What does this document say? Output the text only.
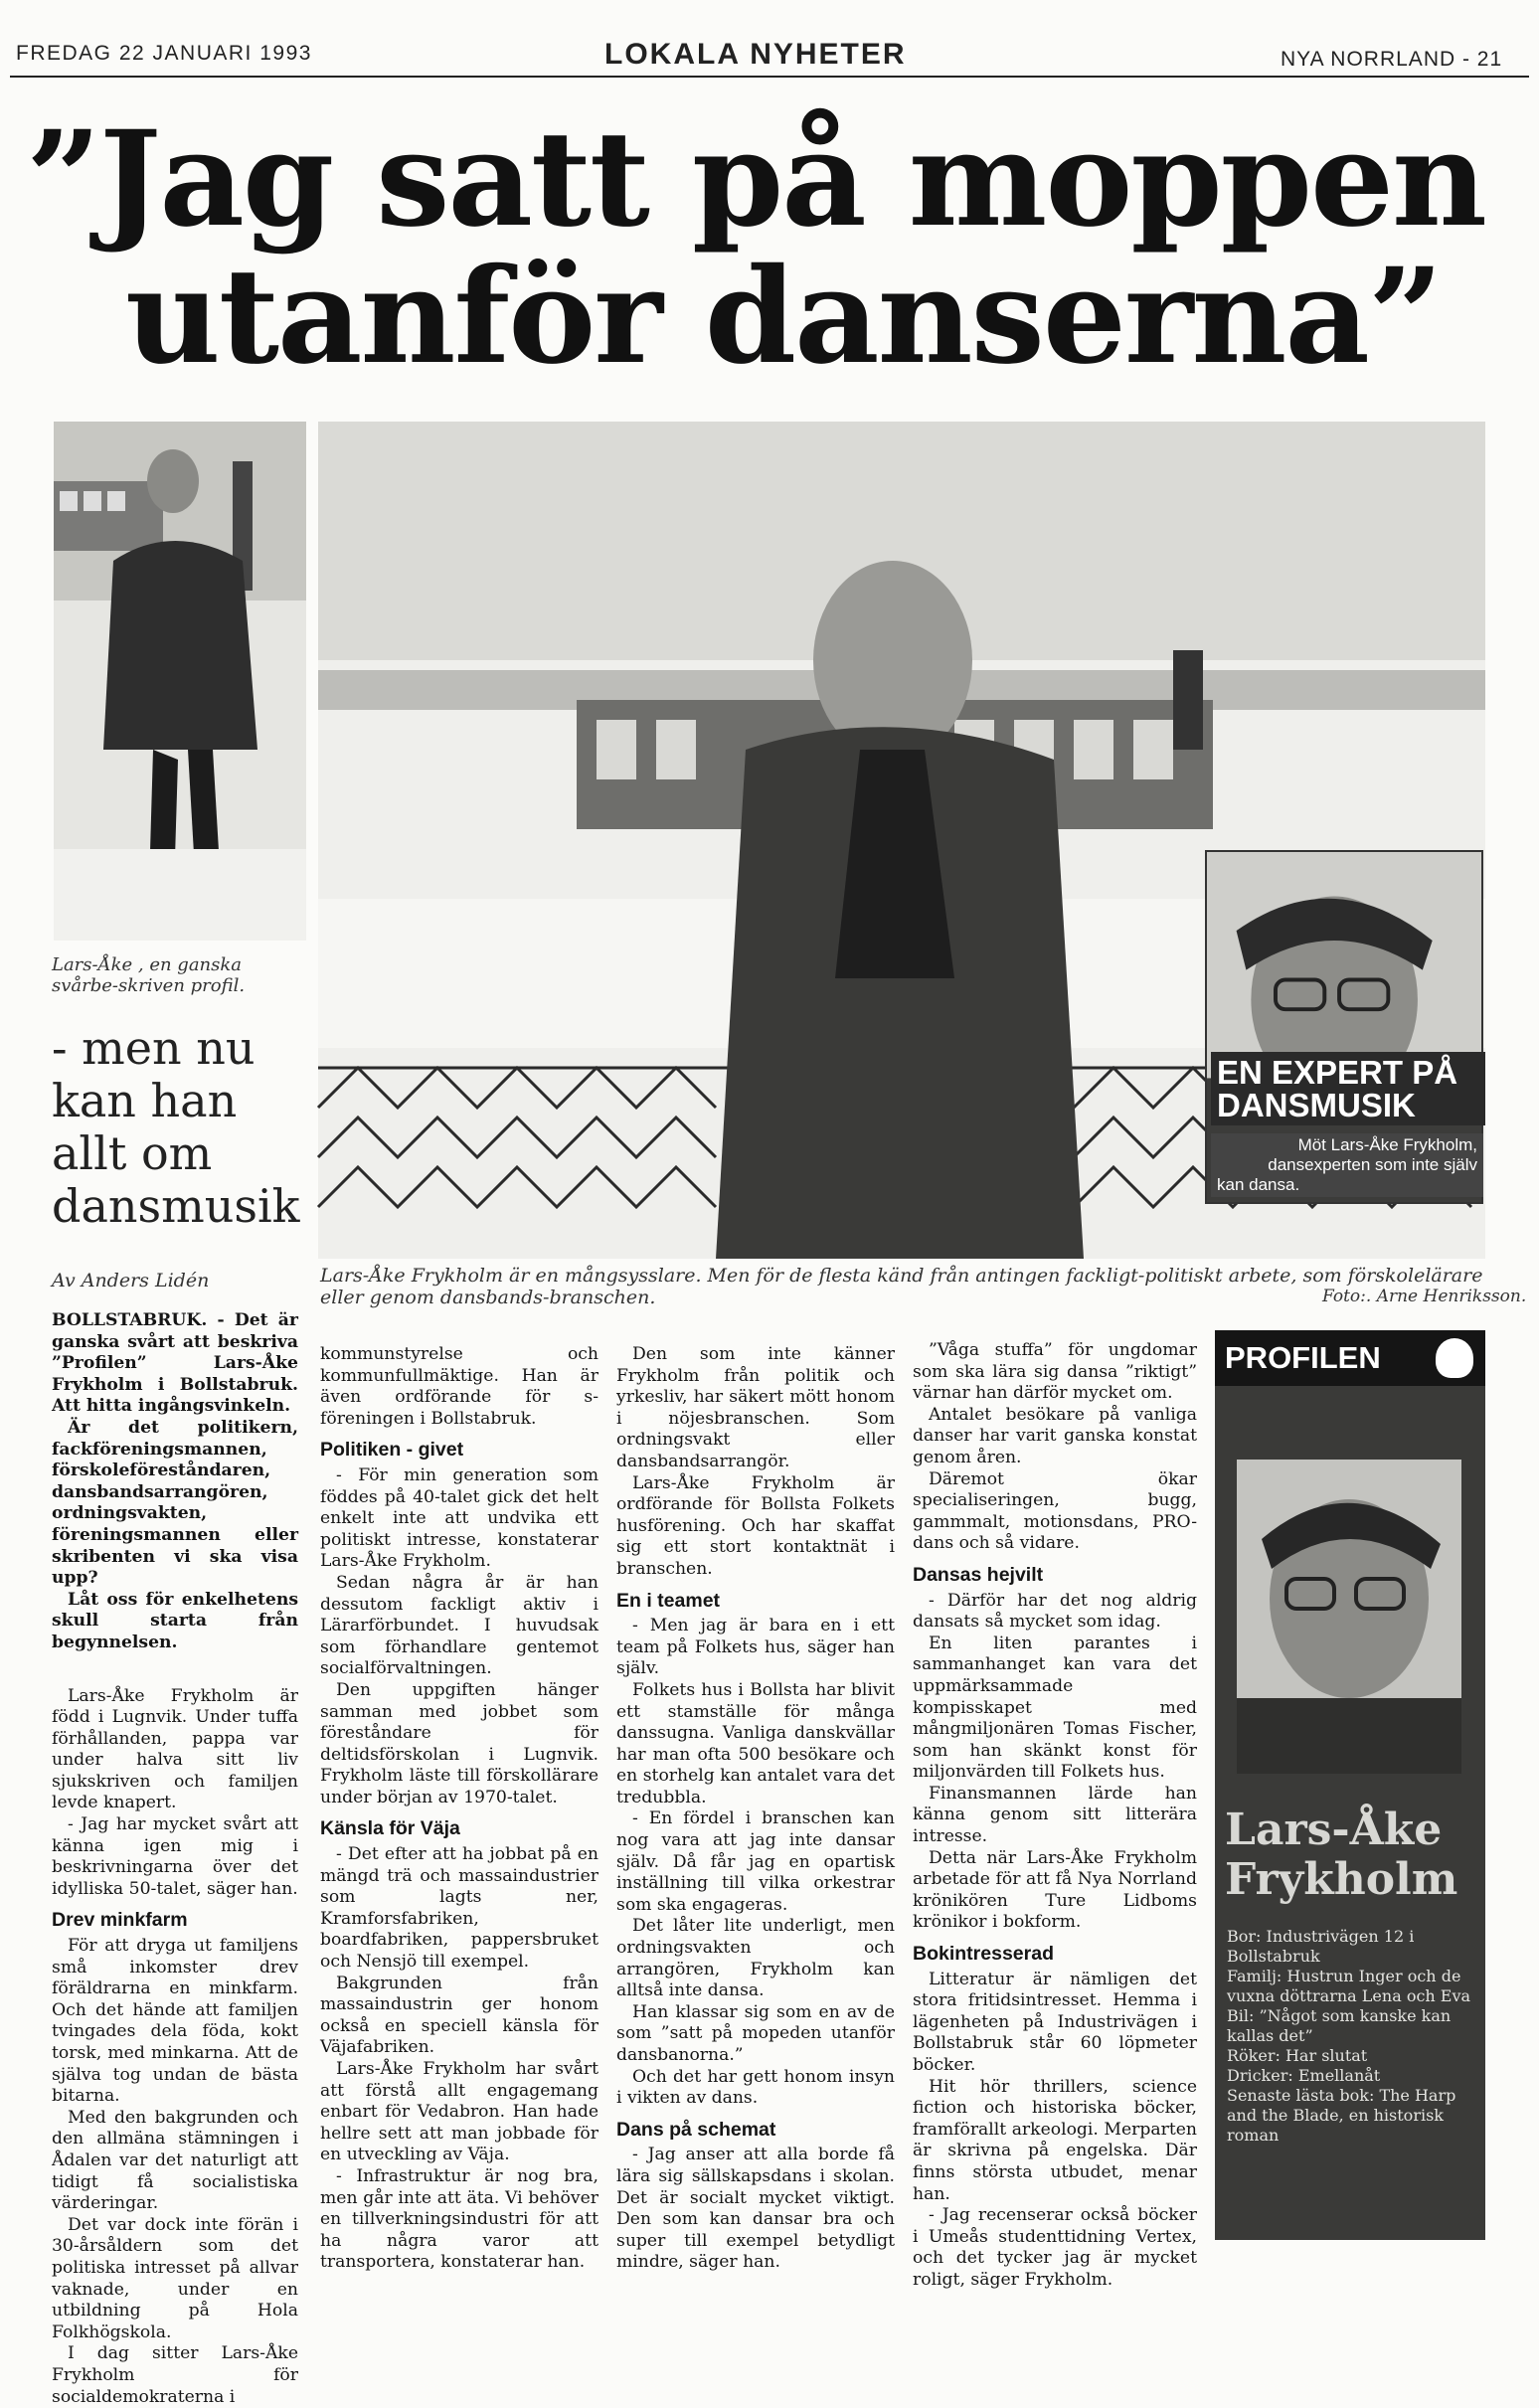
FREDAG 22 JANUARI 1993	LOKALA NYHETER	NYA NORRLAND - 21
”Jag satt på moppen
utanför danserna”
Lars-Åke , en ganska svårbe-skriven profil.
- men nu
kan han
allt om
dansmusik
Av Anders Lidén
EN EXPERT PÅ
DANSMUSIK
Möt Lars-Åke Frykholm,
dansexperten som inte själv
kan dansa.
Lars-Åke Frykholm är en mångsysslare. Men för de flesta känd från antingen fackligt-politiskt arbete, som förskolelärare eller genom dansbands-branschen.	Foto:. Arne Henriksson.

BOLLSTABRUK. - Det är ganska svårt att beskriva ”Profilen” Lars-Åke Frykholm i Bollstabruk. Att hitta ingångsvinkeln.

Är det politikern, fackföreningsmannen, förskoleföreståndaren, dansbandsarrangören, ordningsvakten, föreningsmannen eller skribenten vi ska visa upp?

Låt oss för enkelhetens skull starta från begynnelsen.

Lars-Åke Frykholm är född i Lugnvik. Under tuffa förhållanden, pappa var under halva sitt liv sjukskriven och familjen levde knapert.

- Jag har mycket svårt att känna igen mig i beskrivningarna över det idylliska 50-talet, säger han.

Drev minkfarm

För att dryga ut familjens små inkomster drev föräldrarna en minkfarm. Och det hände att familjen tvingades dela föda, kokt torsk, med minkarna. Att de själva tog undan de bästa bitarna.

Med den bakgrunden och den allmäna stämningen i Ådalen var det naturligt att tidigt få socialistiska värderingar.

Det var dock inte förän i 30-årsåldern som det politiska intresset på allvar vaknade, under en utbildning på Hola Folkhögskola.

I dag sitter Lars-Åke Frykholm för socialdemokraterna i

kommunstyrelse och kommunfullmäktige. Han är även ordförande för s-föreningen i Bollstabruk.

Politiken - givet

- För min generation som föddes på 40-talet gick det helt enkelt inte att undvika ett politiskt intresse, konstaterar Lars-Åke Frykholm.

Sedan några år är han dessutom fackligt aktiv i Lärarförbundet. I huvudsak som förhandlare gentemot socialförvaltningen.

Den uppgiften hänger samman med jobbet som föreståndare för deltidsförskolan i Lugnvik. Frykholm läste till förskollärare under början av 1970-talet.

Känsla för Väja

- Det efter att ha jobbat på en mängd trä och massaindustrier som lagts ner, Kramforsfabriken, boardfabriken, pappersbruket och Nensjö till exempel.

Bakgrunden från massaindustrin ger honom också en speciell känsla för Väjafabriken.

Lars-Åke Frykholm har svårt att förstå allt engagemang enbart för Vedabron. Han hade hellre sett att man jobbade för en utveckling av Väja.

- Infrastruktur är nog bra, men går inte att äta. Vi behöver en tillverkningsindustri för att ha några varor att transportera, konstaterar han.

Den som inte känner Frykholm från politik och yrkesliv, har säkert mött honom i nöjesbranschen. Som ordningsvakt eller dansbandsarrangör.

Lars-Åke Frykholm är ordförande för Bollsta Folkets husförening. Och har skaffat sig ett stort kontaktnät i branschen.

En i teamet

- Men jag är bara en i ett team på Folkets hus, säger han själv.

Folkets hus i Bollsta har blivit ett stamställe för många danssugna. Vanliga danskvällar har man ofta 500 besökare och en storhelg kan antalet vara det tredubbla.

- En fördel i branschen kan nog vara att jag inte dansar själv. Då får jag en opartisk inställning till vilka orkestrar som ska engageras.

Det låter lite underligt, men ordningsvakten och arrangören, Frykholm kan alltså inte dansa.

Han klassar sig som en av de som ”satt på mopeden utanför dansbanorna.”

Och det har gett honom insyn i vikten av dans.

Dans på schemat

- Jag anser att alla borde få lära sig sällskapsdans i skolan. Det är socialt mycket viktigt. Den som kan dansar bra och super till exempel betydligt mindre, säger han.

”Våga stuffa” för ungdomar som ska lära sig dansa ”riktigt” värnar han därför mycket om.

Antalet besökare på vanliga danser har varit ganska konstat genom åren.

Däremot ökar specialiseringen, bugg, gammmalt, motionsdans, PRO-dans och så vidare.

Dansas hejvilt

- Därför har det nog aldrig dansats så mycket som idag.

En liten parantes i sammanhanget kan vara det uppmärksammade kompisskapet med mångmiljonären Tomas Fischer, som han skänkt konst för miljonvärden till Folkets hus.

Finansmannen lärde han känna genom sitt litterära intresse.

Detta när Lars-Åke Frykholm arbetade för att få Nya Norrland krönikören Ture Lidboms krönikor i bokform.

Bokintresserad

Litteratur är nämligen det stora fritidsintresset. Hemma i lägenheten på Industrivägen i Bollstabruk står 60 löpmeter böcker.

Hit hör thrillers, science fiction och historiska böcker, framförallt arkeologi. Merparten är skrivna på engelska. Där finns största utbudet, menar han.

- Jag recenserar också böcker i Umeås studenttidning Vertex, och det tycker jag är mycket roligt, säger Frykholm.

PROFILEN
Lars-Åke
Frykholm
Bor: Industrivägen 12 i Bollstabruk
Familj: Hustrun Inger och de vuxna döttrarna Lena och Eva
Bil: ”Något som kanske kan kallas det”
Röker: Har slutat
Dricker: Emellanåt
Senaste lästa bok: The Harp and the Blade, en historisk roman
